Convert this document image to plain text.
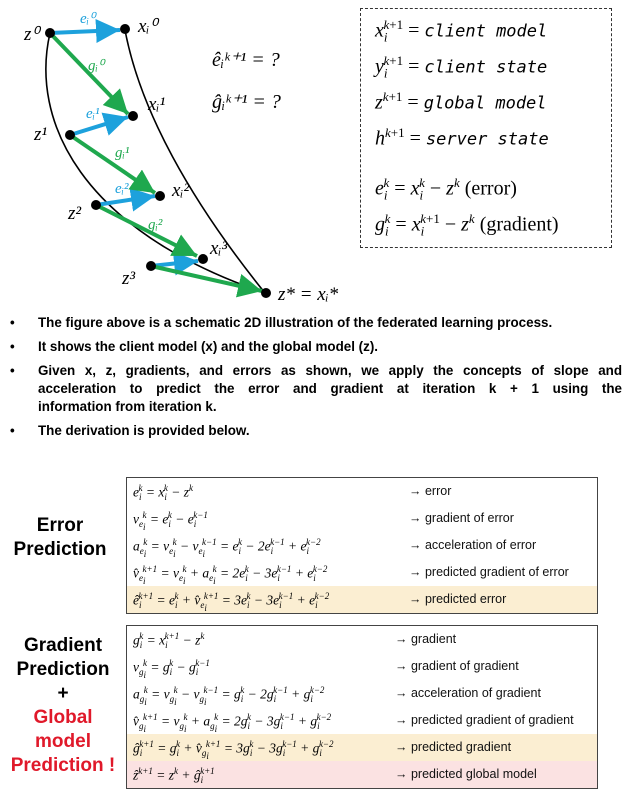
z⁰
z¹
z²
z³
xᵢ⁰
xᵢ¹
xᵢ²
xᵢ³
z* = xᵢ*
êᵢᵏ⁺¹ = ?
ĝᵢᵏ⁺¹ = ?
eᵢ⁰
eᵢ¹
eᵢ²
gᵢ⁰
gᵢ¹
gᵢ²
$x_i^{k+1}$ = client model
$y_i^{k+1}$ = client state
$z^{k+1}$ = global model
$h^{k+1}$ = server state
$e_i^k = x_i^k - z^k$ (error)
$g_i^k = x_i^{k+1} - z^k$ (gradient)
• The figure above is a schematic 2D illustration of the federated learning process.
• It shows the client model (x) and the global model (z).
• Given x, z, gradients, and errors as shown, we apply the concepts of slope and
acceleration to predict the error and gradient at iteration k + 1 using the
information from iteration k.
• The derivation is provided below.
Error
Prediction
$e_i^k = x_i^k - z^k$	→ error
$v_{e_i}^k = e_i^k - e_i^{k-1}$	→ gradient of error
$a_{e_i}^k = v_{e_i}^k - v_{e_i}^{k-1} = e_i^k - 2e_i^{k-1} + e_i^{k-2}$	→ acceleration of error
$v̂_{e_i}^{k+1} = v_{e_i}^k + a_{e_i}^k = 2e_i^k - 3e_i^{k-1} + e_i^{k-2}$	→ predicted gradient of error
$ê_i^{k+1} = e_i^k$ + $v̂_{e_i}^{k+1} = 3e_i^k - 3e_i^{k-1} + e_i^{k-2}$	→ predicted error
Gradient
Prediction
+
Global
model
Prediction !
$g_i^k = x_i^{k+1} - z^k$	→ gradient
$v_{g_i}^k = g_i^k - g_i^{k-1}$	→ gradient of gradient
$a_{g_i}^k = v_{g_i}^k - v_{g_i}^{k-1} = g_i^k - 2g_i^{k-1} + g_i^{k-2}$	→ acceleration of gradient
$v̂_{g_i}^{k+1} = v_{g_i}^k + a_{g_i}^k = 2g_i^k - 3g_i^{k-1} + g_i^{k-2}$	→ predicted gradient of gradient
$ĝ_i^{k+1} = g_i^k$ + $v̂_{g_i}^{k+1} = 3g_i^k - 3g_i^{k-1} + g_i^{k-2}$	→ predicted gradient
ẑ$^{k+1}$ = $z^k$ + $ĝ_i^{k+1}$	→ predicted global model
